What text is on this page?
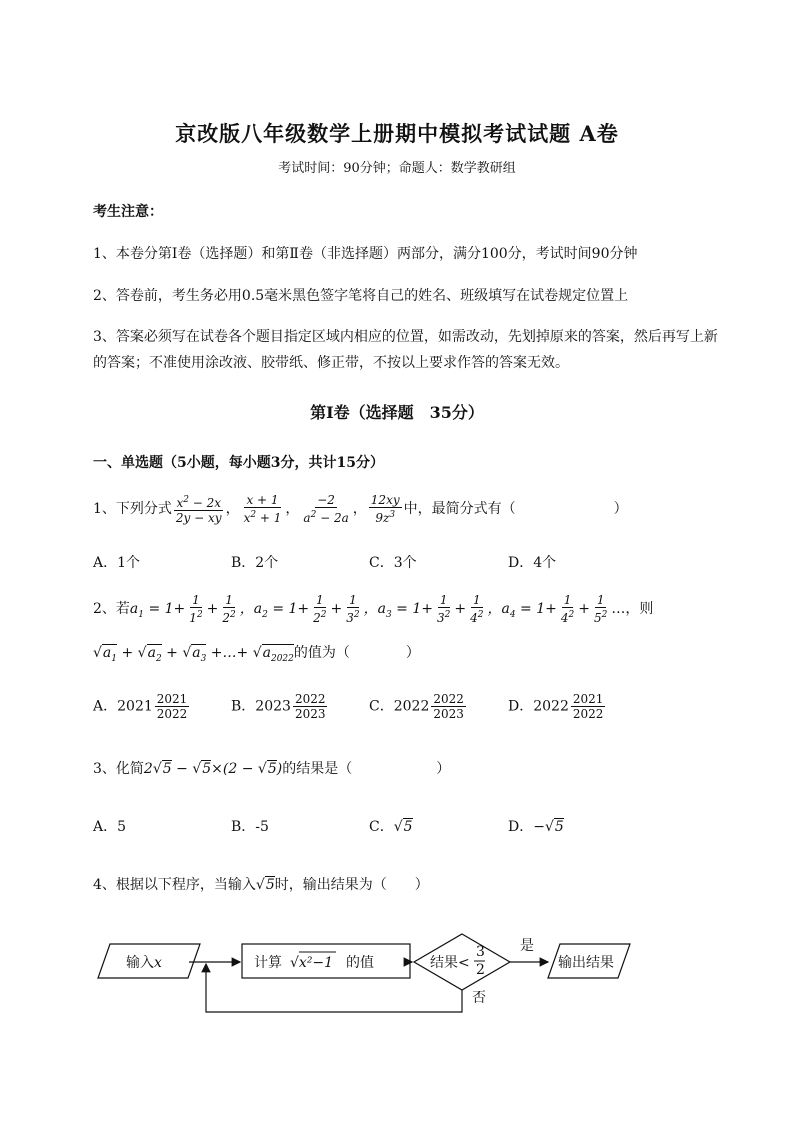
京改版八年级数学上册期中模拟考试试题 A卷
考试时间：90分钟；命题人：数学教研组
考生注意：
1、本卷分第I卷（选择题）和第Ⅱ卷（非选择题）两部分，满分100分，考试时间90分钟
2、答卷前，考生务必用0.5毫米黑色签字笔将自己的姓名、班级填写在试卷规定位置上
3、答案必须写在试卷各个题目指定区域内相应的位置，如需改动，先划掉原来的答案，然后再写上新
的答案；不准使用涂改液、胶带纸、修正带，不按以上要求作答的答案无效。
第I卷（选择题　35分）
一、单选题（5小题，每小题3分，共计15分）
1、下列分式 $\frac{x^2 - 2x}{2y - xy}$ ， $\frac{x + 1}{x^2 + 1}$ ， $\frac{-2}{a^2 - 2a}$ ， $\frac{12xy}{9z^3}$ 中，最简分式有（　　　　　　　）
A．1个	B．2个	C．3个	D．4个
2、若$a_1 = 1+ \frac{1}{1^2} + \frac{1}{2^2}$ ，$a_2 = 1+ \frac{1}{2^2} + \frac{1}{3^2}$ ，$a_3 = 1+ \frac{1}{3^2} + \frac{1}{4^2}$ ，$a_4 = 1+ \frac{1}{4^2} + \frac{1}{5^2}$ …，则
$√a_1 + √a_2 + √a_3$ +…+ $√a_{2022}$的值为（　　　　）
A．$2021 \frac{2021}{2022}$	B．$2023 \frac{2022}{2023}$	C．$2022 \frac{2022}{2023}$	D．$2022 \frac{2021}{2022}$
3、化简2√5 − √5×(2 − √5)的结果是（　　　　　　）
A．5	B．-5	C．√5	D．−√5
4、根据以下程序，当输入√5时，输出结果为（　　）
输入x	计算 √x²−1 的值	结果<
3
2
是
输出结果
否
